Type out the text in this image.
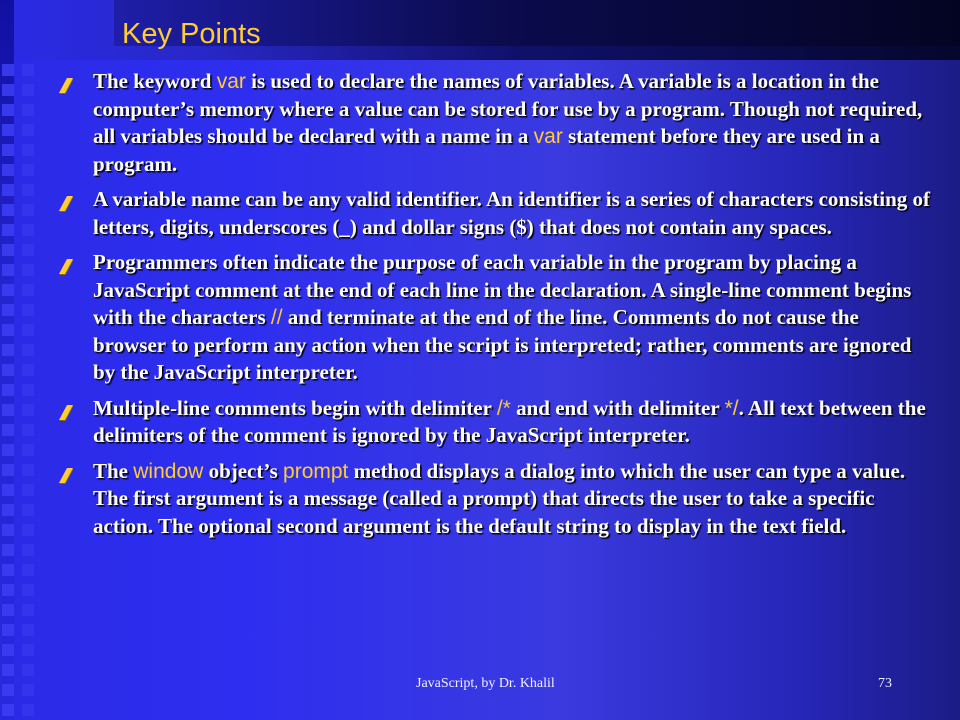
Key Points

The keyword var is used to declare the names of variables. A variable is a location in the computer’s memory where a value can be stored for use by a program. Though not required, all variables should be declared with a name in a var statement before they are used in a program.

A variable name can be any valid identifier. An identifier is a series of characters consisting of letters, digits, underscores (_) and dollar signs ($) that does not contain any spaces.

Programmers often indicate the purpose of each variable in the program by placing a JavaScript comment at the end of each line in the declaration. A single-line comment begins with the characters // and terminate at the end of the line. Comments do not cause the browser to perform any action when the script is interpreted; rather, comments are ignored by the JavaScript interpreter.

Multiple-line comments begin with delimiter /* and end with delimiter */. All text between the delimiters of the comment is ignored by the JavaScript interpreter.

The window object’s prompt method displays a dialog into which the user can type a value. The first argument is a message (called a prompt) that directs the user to take a specific action. The optional second argument is the default string to display in the text field.

JavaScript, by Dr. Khalil	73
